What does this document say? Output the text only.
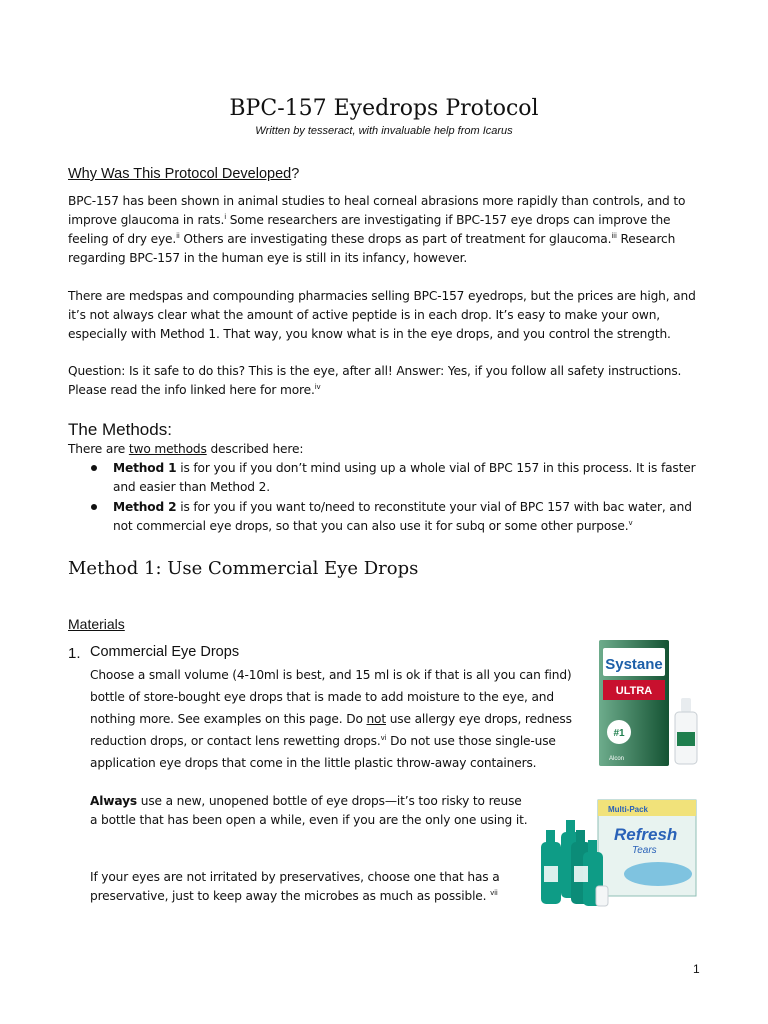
BPC-157 Eyedrops Protocol
Written by tesseract, with invaluable help from Icarus
Why Was This Protocol Developed?
BPC-157 has been shown in animal studies to heal corneal abrasions more rapidly than controls, and to improve glaucoma in rats.$^i$ Some researchers are investigating if BPC-157 eye drops can improve the feeling of dry eye.$^{ii}$ Others are investigating these drops as part of treatment for glaucoma.$^{iii}$ Research regarding BPC-157 in the human eye is still in its infancy, however.
There are medspas and compounding pharmacies selling BPC-157 eyedrops, but the prices are high, and it’s not always clear what the amount of active peptide is in each drop. It’s easy to make your own, especially with Method 1. That way, you know what is in the eye drops, and you control the strength.
Question: Is it safe to do this? This is the eye, after all! Answer: Yes, if you follow all safety instructions. Please read the info linked here for more.$^{iv}$
The Methods:
There are two methods described here:
Method 1 is for you if you don’t mind using up a whole vial of BPC 157 in this process. It is faster and easier than Method 2.
Method 2 is for you if you want to/need to reconstitute your vial of BPC 157 with bac water, and not commercial eye drops, so that you can also use it for subq or some other purpose.$^v$
Method 1: Use Commercial Eye Drops
Materials
1. Commercial Eye Drops
Choose a small volume (4-10ml is best, and 15 ml is ok if that is all you can find) bottle of store-bought eye drops that is made to add moisture to the eye, and nothing more. See examples on this page. Do not use allergy eye drops, redness reduction drops, or contact lens rewetting drops.$^{vi}$ Do not use those single-use application eye drops that come in the little plastic throw-away containers.
Always use a new, unopened bottle of eye drops—it’s too risky to reuse a bottle that has been open a while, even if you are the only one using it.
If your eyes are not irritated by preservatives, choose one that has a preservative, just to keep away the microbes as much as possible. $^{vii}$
Systane
ULTRA
#1
Alcon
Multi-Pack
Refresh
Tears
1
